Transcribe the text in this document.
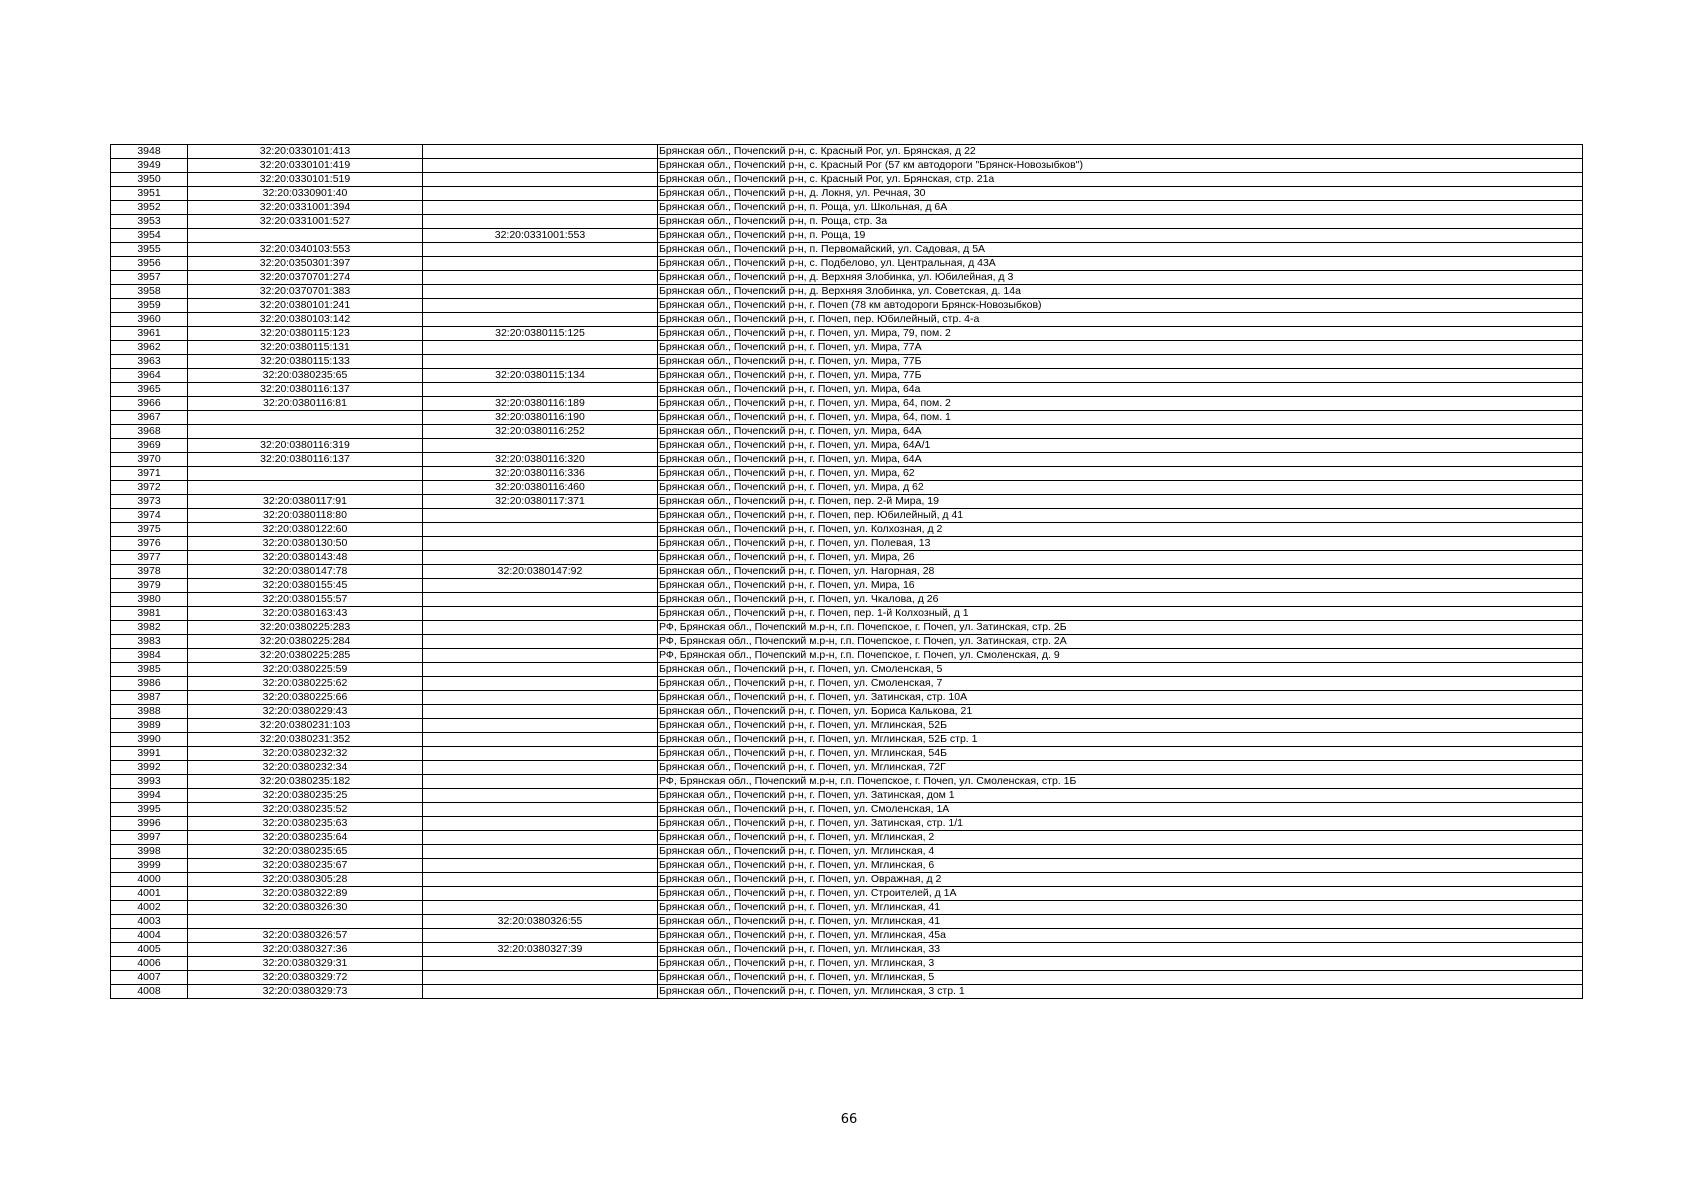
3948	32:20:0330101:413		Брянская обл., Почепский р-н, с. Красный Рог, ул. Брянская, д 22
3949	32:20:0330101:419		Брянская обл., Почепский р-н, с. Красный Рог (57 км автодороги "Брянск-Новозыбков")
3950	32:20:0330101:519		Брянская обл., Почепский р-н, с. Красный Рог, ул. Брянская, стр. 21а
3951	32:20:0330901:40		Брянская обл., Почепский р-н, д. Локня, ул. Речная, 30
3952	32:20:0331001:394		Брянская обл., Почепский р-н, п. Рощa, ул. Школьная, д 6А
3953	32:20:0331001:527		Брянская обл., Почепский р-н, п. Роща, стр. 3а
3954		32:20:0331001:553	Брянская обл., Почепский р-н, п. Роща, 19
3955	32:20:0340103:553		Брянская обл., Почепский р-н, п. Первомайский, ул. Садовая, д 5А
3956	32:20:0350301:397		Брянская обл., Почепский р-н, с. Подбелово, ул. Центральная, д 43А
3957	32:20:0370701:274		Брянская обл., Почепский р-н, д. Верхняя Злобинка, ул. Юбилейная, д 3
3958	32:20:0370701:383		Брянская обл., Почепский р-н, д. Верхняя Злобинка, ул. Советская, д. 14а
3959	32:20:0380101:241		Брянская обл., Почепский р-н, г. Почеп (78 км автодороги Брянск-Новозыбков)
3960	32:20:0380103:142		Брянская обл., Почепский р-н, г. Почеп, пер. Юбилейный, стр. 4-а
3961	32:20:0380115:123	32:20:0380115:125	Брянская обл., Почепский р-н, г. Почеп, ул. Мира, 79, пом. 2
3962	32:20:0380115:131		Брянская обл., Почепский р-н, г. Почеп, ул. Мира, 77А
3963	32:20:0380115:133		Брянская обл., Почепский р-н, г. Почеп, ул. Мира, 77Б
3964	32:20:0380235:65	32:20:0380115:134	Брянская обл., Почепский р-н, г. Почеп, ул. Мира, 77Б
3965	32:20:0380116:137		Брянская обл., Почепский р-н, г. Почеп, ул. Мира, 64а
3966	32:20:0380116:81	32:20:0380116:189	Брянская обл., Почепский р-н, г. Почеп, ул. Мира, 64, пом. 2
3967		32:20:0380116:190	Брянская обл., Почепский р-н, г. Почеп, ул. Мира, 64, пом. 1
3968		32:20:0380116:252	Брянская обл., Почепский р-н, г. Почеп, ул. Мира, 64А
3969	32:20:0380116:319		Брянская обл., Почепский р-н, г. Почеп, ул. Мира, 64А/1
3970	32:20:0380116:137	32:20:0380116:320	Брянская обл., Почепский р-н, г. Почеп, ул. Мира, 64А
3971		32:20:0380116:336	Брянская обл., Почепский р-н, г. Почеп, ул. Мира, 62
3972		32:20:0380116:460	Брянская обл., Почепский р-н, г. Почеп, ул. Мира, д 62
3973	32:20:0380117:91	32:20:0380117:371	Брянская обл., Почепский р-н, г. Почеп, пер. 2-й Мира, 19
3974	32:20:0380118:80		Брянская обл., Почепский р-н, г. Почеп, пер. Юбилейный, д 41
3975	32:20:0380122:60		Брянская обл., Почепский р-н, г. Почеп, ул. Колхозная, д 2
3976	32:20:0380130:50		Брянская обл., Почепский р-н, г. Почеп, ул. Полевая, 13
3977	32:20:0380143:48		Брянская обл., Почепский р-н, г. Почеп, ул. Мира, 26
3978	32:20:0380147:78	32:20:0380147:92	Брянская обл., Почепский р-н, г. Почеп, ул. Нагорная, 28
3979	32:20:0380155:45		Брянская обл., Почепский р-н, г. Почеп, ул. Мира, 16
3980	32:20:0380155:57		Брянская обл., Почепский р-н, г. Почеп, ул. Чкалова, д 26
3981	32:20:0380163:43		Брянская обл., Почепский р-н, г. Почеп, пер. 1-й Колхозный, д 1
3982	32:20:0380225:283		РФ, Брянская обл., Почепский м.р-н, г.п. Почепское, г. Почеп, ул. Затинская, стр. 2Б
3983	32:20:0380225:284		РФ, Брянская обл., Почепский м.р-н, г.п. Почепское, г. Почеп, ул. Затинская, стр. 2А
3984	32:20:0380225:285		РФ, Брянская обл., Почепский м.р-н, г.п. Почепское, г. Почеп, ул. Смоленская, д. 9
3985	32:20:0380225:59		Брянская обл., Почепский р-н, г. Почеп, ул. Смоленская, 5
3986	32:20:0380225:62		Брянская обл., Почепский р-н, г. Почеп, ул. Смоленская, 7
3987	32:20:0380225:66		Брянская обл., Почепский р-н, г. Почеп, ул. Затинская, стр. 10А
3988	32:20:0380229:43		Брянская обл., Почепский р-н, г. Почеп, ул. Бориса Калькова, 21
3989	32:20:0380231:103		Брянская обл., Почепский р-н, г. Почеп, ул. Мглинская, 52Б
3990	32:20:0380231:352		Брянская обл., Почепский р-н, г. Почеп, ул. Мглинская, 52Б стр. 1
3991	32:20:0380232:32		Брянская обл., Почепский р-н, г. Почеп, ул. Мглинская, 54Б
3992	32:20:0380232:34		Брянская обл., Почепский р-н, г. Почеп, ул. Мглинская, 72Г
3993	32:20:0380235:182		РФ, Брянская обл., Почепский м.р-н, г.п. Почепское, г. Почеп, ул. Смоленская, стр. 1Б
3994	32:20:0380235:25		Брянская обл., Почепский р-н, г. Почеп, ул. Затинская, дом 1
3995	32:20:0380235:52		Брянская обл., Почепский р-н, г. Почеп, ул. Смоленская, 1А
3996	32:20:0380235:63		Брянская обл., Почепский р-н, г. Почеп, ул. Затинская, стр. 1/1
3997	32:20:0380235:64		Брянская обл., Почепский р-н, г. Почеп, ул. Мглинская, 2
3998	32:20:0380235:65		Брянская обл., Почепский р-н, г. Почеп, ул. Мглинская, 4
3999	32:20:0380235:67		Брянская обл., Почепский р-н, г. Почеп, ул. Мглинская, 6
4000	32:20:0380305:28		Брянская обл., Почепский р-н, г. Почеп, ул. Овражная, д 2
4001	32:20:0380322:89		Брянская обл., Почепский р-н, г. Почеп, ул. Строителей, д 1А
4002	32:20:0380326:30		Брянская обл., Почепский р-н, г. Почеп, ул. Мглинская, 41
4003		32:20:0380326:55	Брянская обл., Почепский р-н, г. Почеп, ул. Мглинская, 41
4004	32:20:0380326:57		Брянская обл., Почепский р-н, г. Почеп, ул. Мглинская, 45а
4005	32:20:0380327:36	32:20:0380327:39	Брянская обл., Почепский р-н, г. Почеп, ул. Мглинская, 33
4006	32:20:0380329:31		Брянская обл., Почепский р-н, г. Почеп, ул. Мглинская, 3
4007	32:20:0380329:72		Брянская обл., Почепский р-н, г. Почеп, ул. Мглинская, 5
4008	32:20:0380329:73		Брянская обл., Почепский р-н, г. Почеп, ул. Мглинская, 3 стр. 1
66
